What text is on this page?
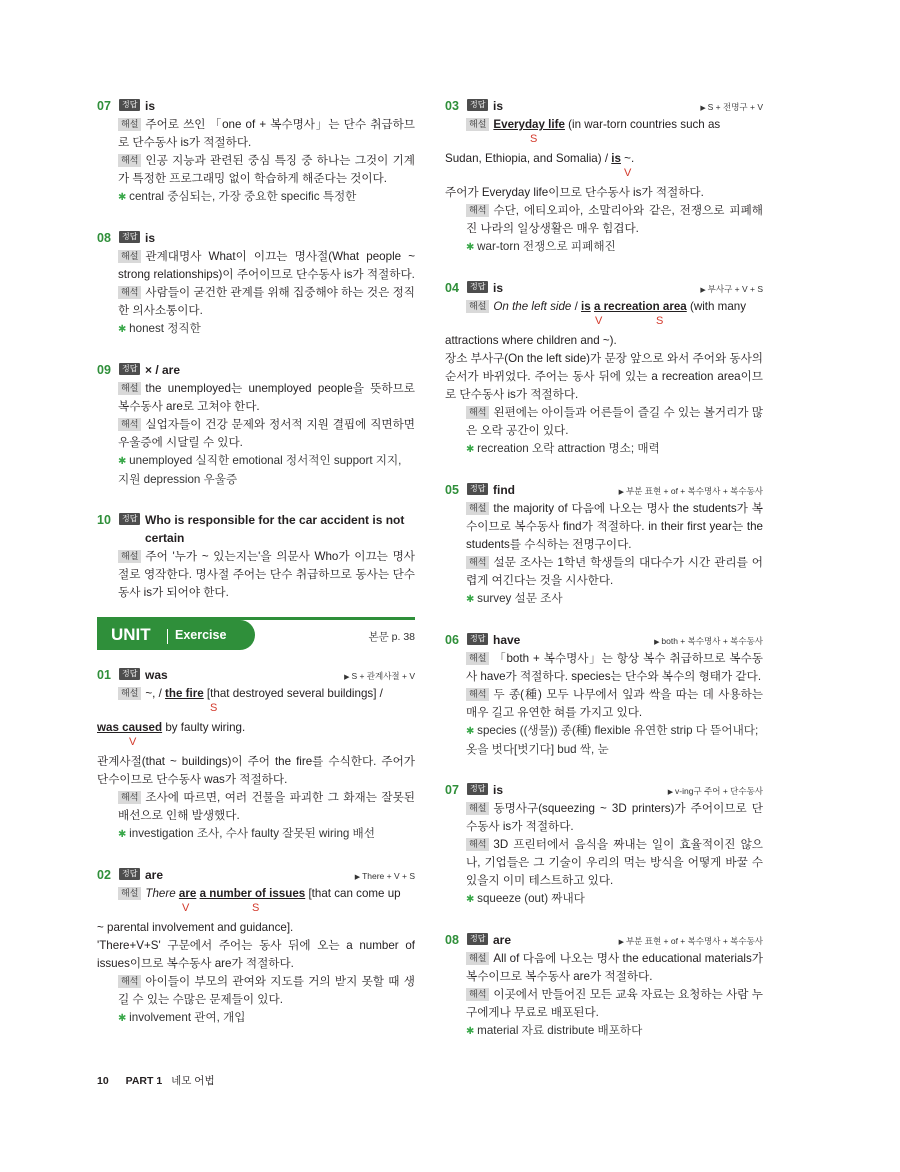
07	정답 is
해설 주어로 쓰인 「one of + 복수명사」는 단수 취급하므로 단수동사 is가 적절하다.
해석 인공 지능과 관련된 중심 특징 중 하나는 그것이 기계가 특정한 프로그래밍 없이 학습하게 해준다는 것이다.
✱ central 중심되는, 가장 중요한 specific 특정한
08	정답 is
해설 관계대명사 What이 이끄는 명사절(What people ~ strong relationships)이 주어이므로 단수동사 is가 적절하다.
해석 사람들이 굳건한 관계를 위해 집중해야 하는 것은 정직한 의사소통이다.
✱ honest 정직한
09	정답 × / are
해설 the unemployed는 unemployed people을 뜻하므로 복수동사 are로 고쳐야 한다.
해석 실업자들이 건강 문제와 정서적 지원 결핍에 직면하면 우울증에 시달릴 수 있다.
✱ unemployed 실직한 emotional 정서적인 support 지지, 지원 depression 우울증
10	정답 Who is responsible for the car accident is not certain
해설 주어 '누가 ~ 있는지는'을 의문사 Who가 이끄는 명사절로 영작한다. 명사절 주어는 단수 취급하므로 동사는 단수동사 is가 되어야 한다.
UNIT Exercise	본문 p. 38
01	정답 was	▶ S + 관계사절 + V
해설 ~, / the fire [that destroyed several buildings] /
S
was caused by faulty wiring.
V
관계사절(that ~ buildings)이 주어 the fire를 수식한다. 주어가 단수이므로 단수동사 was가 적절하다.
해석 조사에 따르면, 여러 건물을 파괴한 그 화재는 잘못된 배선으로 인해 발생했다.
✱ investigation 조사, 수사 faulty 잘못된 wiring 배선
02	정답 are	▶ There + V + S
해설 There are a number of issues [that can come up
V	S
~ parental involvement and guidance].
'There+V+S' 구문에서 주어는 동사 뒤에 오는 a number of issues이므로 복수동사 are가 적절하다.
해석 아이들이 부모의 관여와 지도를 거의 받지 못할 때 생길 수 있는 수많은 문제들이 있다.
✱ involvement 관여, 개입
03	정답 is	▶ S + 전명구 + V
해설 Everyday life (in war-torn countries such as
S
Sudan, Ethiopia, and Somalia) / is ~.
V
주어가 Everyday life이므로 단수동사 is가 적절하다.
해석 수단, 에티오피아, 소말리아와 같은, 전쟁으로 피폐해진 나라의 일상생활은 매우 힘겹다.
✱ war-torn 전쟁으로 피폐해진
04	정답 is	▶ 부사구 + V + S
해설 On the left side / is a recreation area (with many
V	S
attractions where children and ~).
장소 부사구(On the left side)가 문장 앞으로 와서 주어와 동사의 순서가 바뀌었다. 주어는 동사 뒤에 있는 a recreation area이므로 단수동사 is가 적절하다.
해석 왼편에는 아이들과 어른들이 즐길 수 있는 볼거리가 많은 오락 공간이 있다.
✱ recreation 오락 attraction 명소; 매력
05	정답 find	▶ 부분 표현 + of + 복수명사 + 복수동사
해설 the majority of 다음에 나오는 명사 the students가 복수이므로 복수동사 find가 적절하다. in their first year는 the students를 수식하는 전명구이다.
해석 설문 조사는 1학년 학생들의 대다수가 시간 관리를 어렵게 여긴다는 것을 시사한다.
✱ survey 설문 조사
06	정답 have	▶ both + 복수명사 + 복수동사
해설 「both + 복수명사」는 항상 복수 취급하므로 복수동사 have가 적절하다. species는 단수와 복수의 형태가 같다.
해석 두 종(種) 모두 나무에서 잎과 싹을 따는 데 사용하는 매우 길고 유연한 혀를 가지고 있다.
✱ species ((생물)) 종(種) flexible 유연한 strip 다 뜯어내다; 옷을 벗다[벗기다] bud 싹, 눈
07	정답 is	▶ v-ing구 주어 + 단수동사
해설 동명사구(squeezing ~ 3D printers)가 주어이므로 단수동사 is가 적절하다.
해석 3D 프린터에서 음식을 짜내는 일이 효율적이진 않으나, 기업들은 그 기술이 우리의 먹는 방식을 어떻게 바꿀 수 있을지 이미 테스트하고 있다.
✱ squeeze (out) 짜내다
08	정답 are	▶ 부분 표현 + of + 복수명사 + 복수동사
해설 All of 다음에 나오는 명사 the educational materials가 복수이므로 복수동사 are가 적절하다.
해석 이곳에서 만들어진 모든 교육 자료는 요청하는 사람 누구에게나 무료로 배포된다.
✱ material 자료 distribute 배포하다
10 PART 1 네모 어법
